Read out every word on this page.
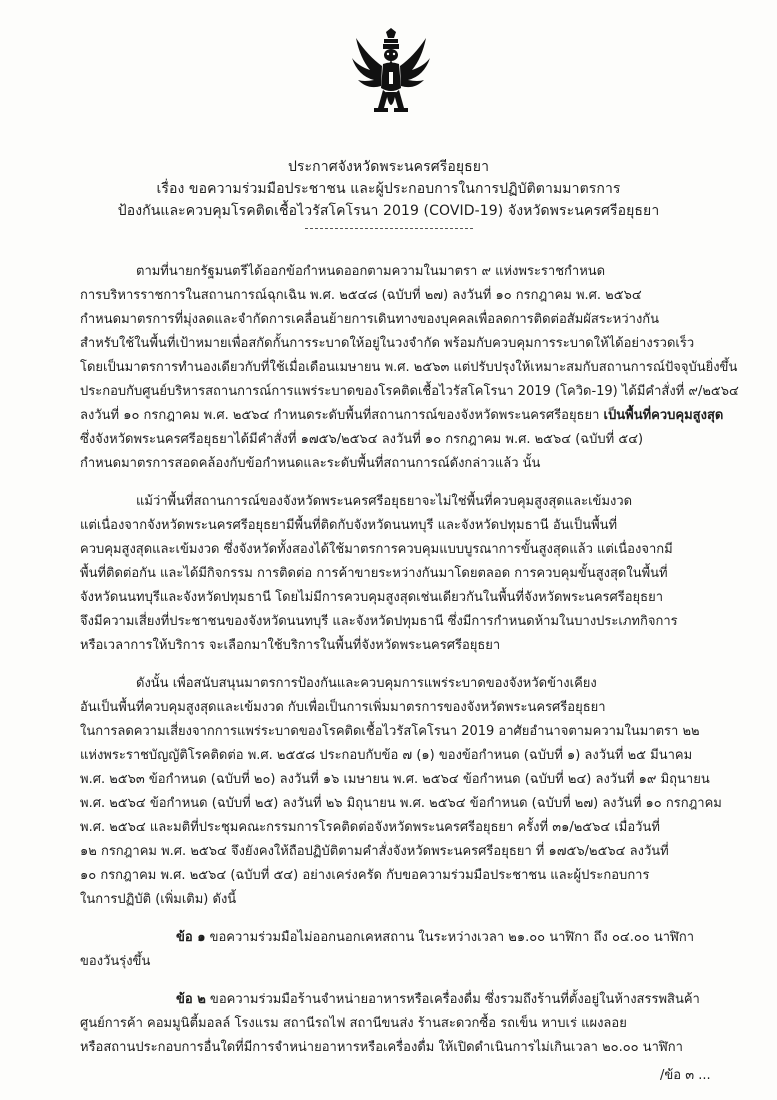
ประกาศจังหวัดพระนครศรีอยุธยา
เรื่อง ขอความร่วมมือประชาชน และผู้ประกอบการในการปฏิบัติตามมาตรการ
ป้องกันและควบคุมโรคติดเชื้อไวรัสโคโรนา 2019 (COVID-19) จังหวัดพระนครศรีอยุธยา
ตามที่นายกรัฐมนตรีได้ออกข้อกำหนดออกตามความในมาตรา ๙ แห่งพระราชกำหนด
การบริหารราชการในสถานการณ์ฉุกเฉิน พ.ศ. ๒๕๔๘ (ฉบับที่ ๒๗) ลงวันที่ ๑๐ กรกฎาคม พ.ศ. ๒๕๖๔
กำหนดมาตรการที่มุ่งลดและจำกัดการเคลื่อนย้ายการเดินทางของบุคคลเพื่อลดการติดต่อสัมผัสระหว่างกัน
สำหรับใช้ในพื้นที่เป้าหมายเพื่อสกัดกั้นการระบาดให้อยู่ในวงจำกัด พร้อมกับควบคุมการระบาดให้ได้อย่างรวดเร็ว
โดยเป็นมาตรการทำนองเดียวกับที่ใช้เมื่อเดือนเมษายน พ.ศ. ๒๕๖๓ แต่ปรับปรุงให้เหมาะสมกับสถานการณ์ปัจจุบันยิ่งขึ้น
ประกอบกับศูนย์บริหารสถานการณ์การแพร่ระบาดของโรคติดเชื้อไวรัสโคโรนา 2019 (โควิด-19) ได้มีคำสั่งที่ ๙/๒๕๖๔
ลงวันที่ ๑๐ กรกฎาคม พ.ศ. ๒๕๖๔ กำหนดระดับพื้นที่สถานการณ์ของจังหวัดพระนครศรีอยุธยา เป็นพื้นที่ควบคุมสูงสุด
ซึ่งจังหวัดพระนครศรีอยุธยาได้มีคำสั่งที่ ๑๗๕๖/๒๕๖๔ ลงวันที่ ๑๐ กรกฎาคม พ.ศ. ๒๕๖๔ (ฉบับที่ ๕๔)
กำหนดมาตรการสอดคล้องกับข้อกำหนดและระดับพื้นที่สถานการณ์ดังกล่าวแล้ว นั้น
แม้ว่าพื้นที่สถานการณ์ของจังหวัดพระนครศรีอยุธยาจะไม่ใช่พื้นที่ควบคุมสูงสุดและเข้มงวด
แต่เนื่องจากจังหวัดพระนครศรีอยุธยามีพื้นที่ติดกับจังหวัดนนทบุรี และจังหวัดปทุมธานี อันเป็นพื้นที่
ควบคุมสูงสุดและเข้มงวด ซึ่งจังหวัดทั้งสองได้ใช้มาตรการควบคุมแบบบูรณาการขั้นสูงสุดแล้ว แต่เนื่องจากมี
พื้นที่ติดต่อกัน และได้มีกิจกรรม การติดต่อ การค้าขายระหว่างกันมาโดยตลอด การควบคุมขั้นสูงสุดในพื้นที่
จังหวัดนนทบุรีและจังหวัดปทุมธานี โดยไม่มีการควบคุมสูงสุดเช่นเดียวกันในพื้นที่จังหวัดพระนครศรีอยุธยา
จึงมีความเสี่ยงที่ประชาชนของจังหวัดนนทบุรี และจังหวัดปทุมธานี ซึ่งมีการกำหนดห้ามในบางประเภทกิจการ
หรือเวลาการให้บริการ จะเลือกมาใช้บริการในพื้นที่จังหวัดพระนครศรีอยุธยา
ดังนั้น เพื่อสนับสนุนมาตรการป้องกันและควบคุมการแพร่ระบาดของจังหวัดข้างเคียง
อันเป็นพื้นที่ควบคุมสูงสุดและเข้มงวด กับเพื่อเป็นการเพิ่มมาตรการของจังหวัดพระนครศรีอยุธยา
ในการลดความเสี่ยงจากการแพร่ระบาดของโรคติดเชื้อไวรัสโคโรนา 2019 อาศัยอำนาจตามความในมาตรา ๒๒
แห่งพระราชบัญญัติโรคติดต่อ พ.ศ. ๒๕๕๘ ประกอบกับข้อ ๗ (๑) ของข้อกำหนด (ฉบับที่ ๑) ลงวันที่ ๒๕ มีนาคม
พ.ศ. ๒๕๖๓ ข้อกำหนด (ฉบับที่ ๒๐) ลงวันที่ ๑๖ เมษายน พ.ศ. ๒๕๖๔ ข้อกำหนด (ฉบับที่ ๒๔) ลงวันที่ ๑๙ มิถุนายน
พ.ศ. ๒๕๖๔ ข้อกำหนด (ฉบับที่ ๒๕) ลงวันที่ ๒๖ มิถุนายน พ.ศ. ๒๕๖๔ ข้อกำหนด (ฉบับที่ ๒๗) ลงวันที่ ๑๐ กรกฎาคม
พ.ศ. ๒๕๖๔ และมติที่ประชุมคณะกรรมการโรคติดต่อจังหวัดพระนครศรีอยุธยา ครั้งที่ ๓๑/๒๕๖๔ เมื่อวันที่
๑๒ กรกฎาคม พ.ศ. ๒๕๖๔ จึงยังคงให้ถือปฏิบัติตามคำสั่งจังหวัดพระนครศรีอยุธยา ที่ ๑๗๕๖/๒๕๖๔ ลงวันที่
๑๐ กรกฎาคม พ.ศ. ๒๕๖๔ (ฉบับที่ ๕๔) อย่างเคร่งครัด กับขอความร่วมมือประชาชน และผู้ประกอบการ
ในการปฏิบัติ (เพิ่มเติม) ดังนี้
ข้อ ๑ ขอความร่วมมือไม่ออกนอกเคหสถาน ในระหว่างเวลา ๒๑.๐๐ นาฬิกา ถึง ๐๔.๐๐ นาฬิกา
ของวันรุ่งขึ้น
ข้อ ๒ ขอความร่วมมือร้านจำหน่ายอาหารหรือเครื่องดื่ม ซึ่งรวมถึงร้านที่ตั้งอยู่ในห้างสรรพสินค้า
ศูนย์การค้า คอมมูนิตี้มอลล์ โรงแรม สถานีรถไฟ สถานีขนส่ง ร้านสะดวกซื้อ รถเข็น หาบเร่ แผงลอย
หรือสถานประกอบการอื่นใดที่มีการจำหน่ายอาหารหรือเครื่องดื่ม ให้เปิดดำเนินการไม่เกินเวลา ๒๐.๐๐ นาฬิกา
/ข้อ ๓ ...
